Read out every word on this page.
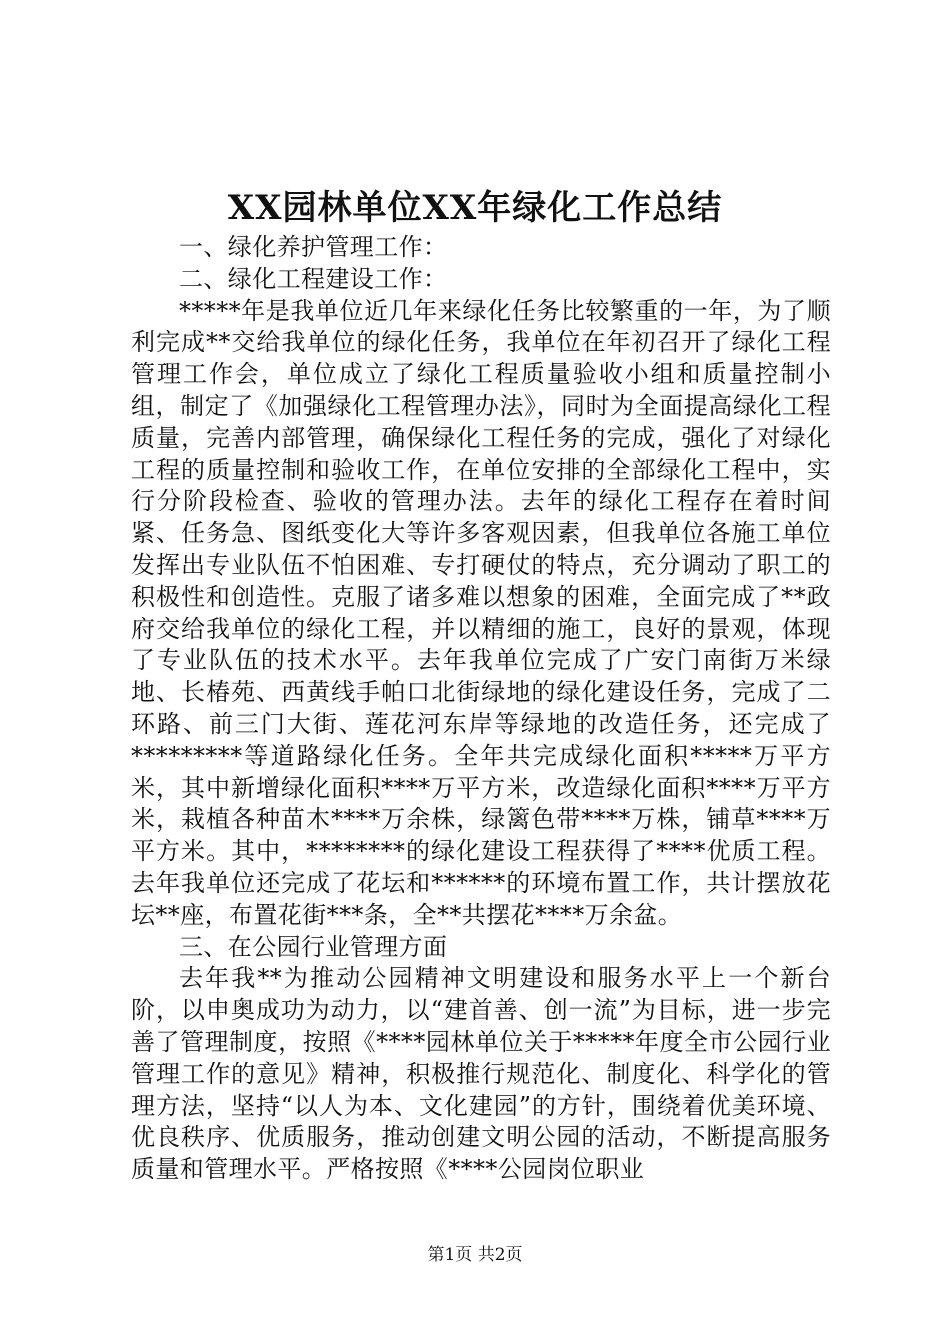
XX园林单位XX年绿化工作总结

一、绿化养护管理工作：

二、绿化工程建设工作：

*****年是我单位近几年来绿化任务比较繁重的一年，为了顺利完成**交给我单位的绿化任务，我单位在年初召开了绿化工程管理工作会，单位成立了绿化工程质量验收小组和质量控制小组，制定了《加强绿化工程管理办法》，同时为全面提高绿化工程质量，完善内部管理，确保绿化工程任务的完成，强化了对绿化工程的质量控制和验收工作，在单位安排的全部绿化工程中，实行分阶段检查、验收的管理办法。去年的绿化工程存在着时间紧、任务急、图纸变化大等许多客观因素，但我单位各施工单位发挥出专业队伍不怕困难、专打硬仗的特点，充分调动了职工的积极性和创造性。克服了诸多难以想象的困难，全面完成了**政府交给我单位的绿化工程，并以精细的施工，良好的景观，体现了专业队伍的技术水平。去年我单位完成了广安门南街万米绿地、长椿苑、西黄线手帕口北街绿地的绿化建设任务，完成了二环路、前三门大街、莲花河东岸等绿地的改造任务，还完成了*********等道路绿化任务。全年共完成绿化面积*****万平方米，其中新增绿化面积****万平方米，改造绿化面积****万平方米，栽植各种苗木****万余株，绿篱色带****万株，铺草****万平方米。其中，********的绿化建设工程获得了****优质工程。去年我单位还完成了花坛和******的环境布置工作，共计摆放花坛**座，布置花街***条，全**共摆花****万余盆。

三、在公园行业管理方面

去年我**为推动公园精神文明建设和服务水平上一个新台阶，以申奥成功为动力，以“建首善、创一流”为目标，进一步完善了管理制度，按照《****园林单位关于*****年度全市公园行业管理工作的意见》精神，积极推行规范化、制度化、科学化的管理方法，坚持“以人为本、文化建园”的方针，围绕着优美环境、优良秩序、优质服务，推动创建文明公园的活动，不断提高服务质量和管理水平。严格按照《****公园岗位职业

第1页 共2页
